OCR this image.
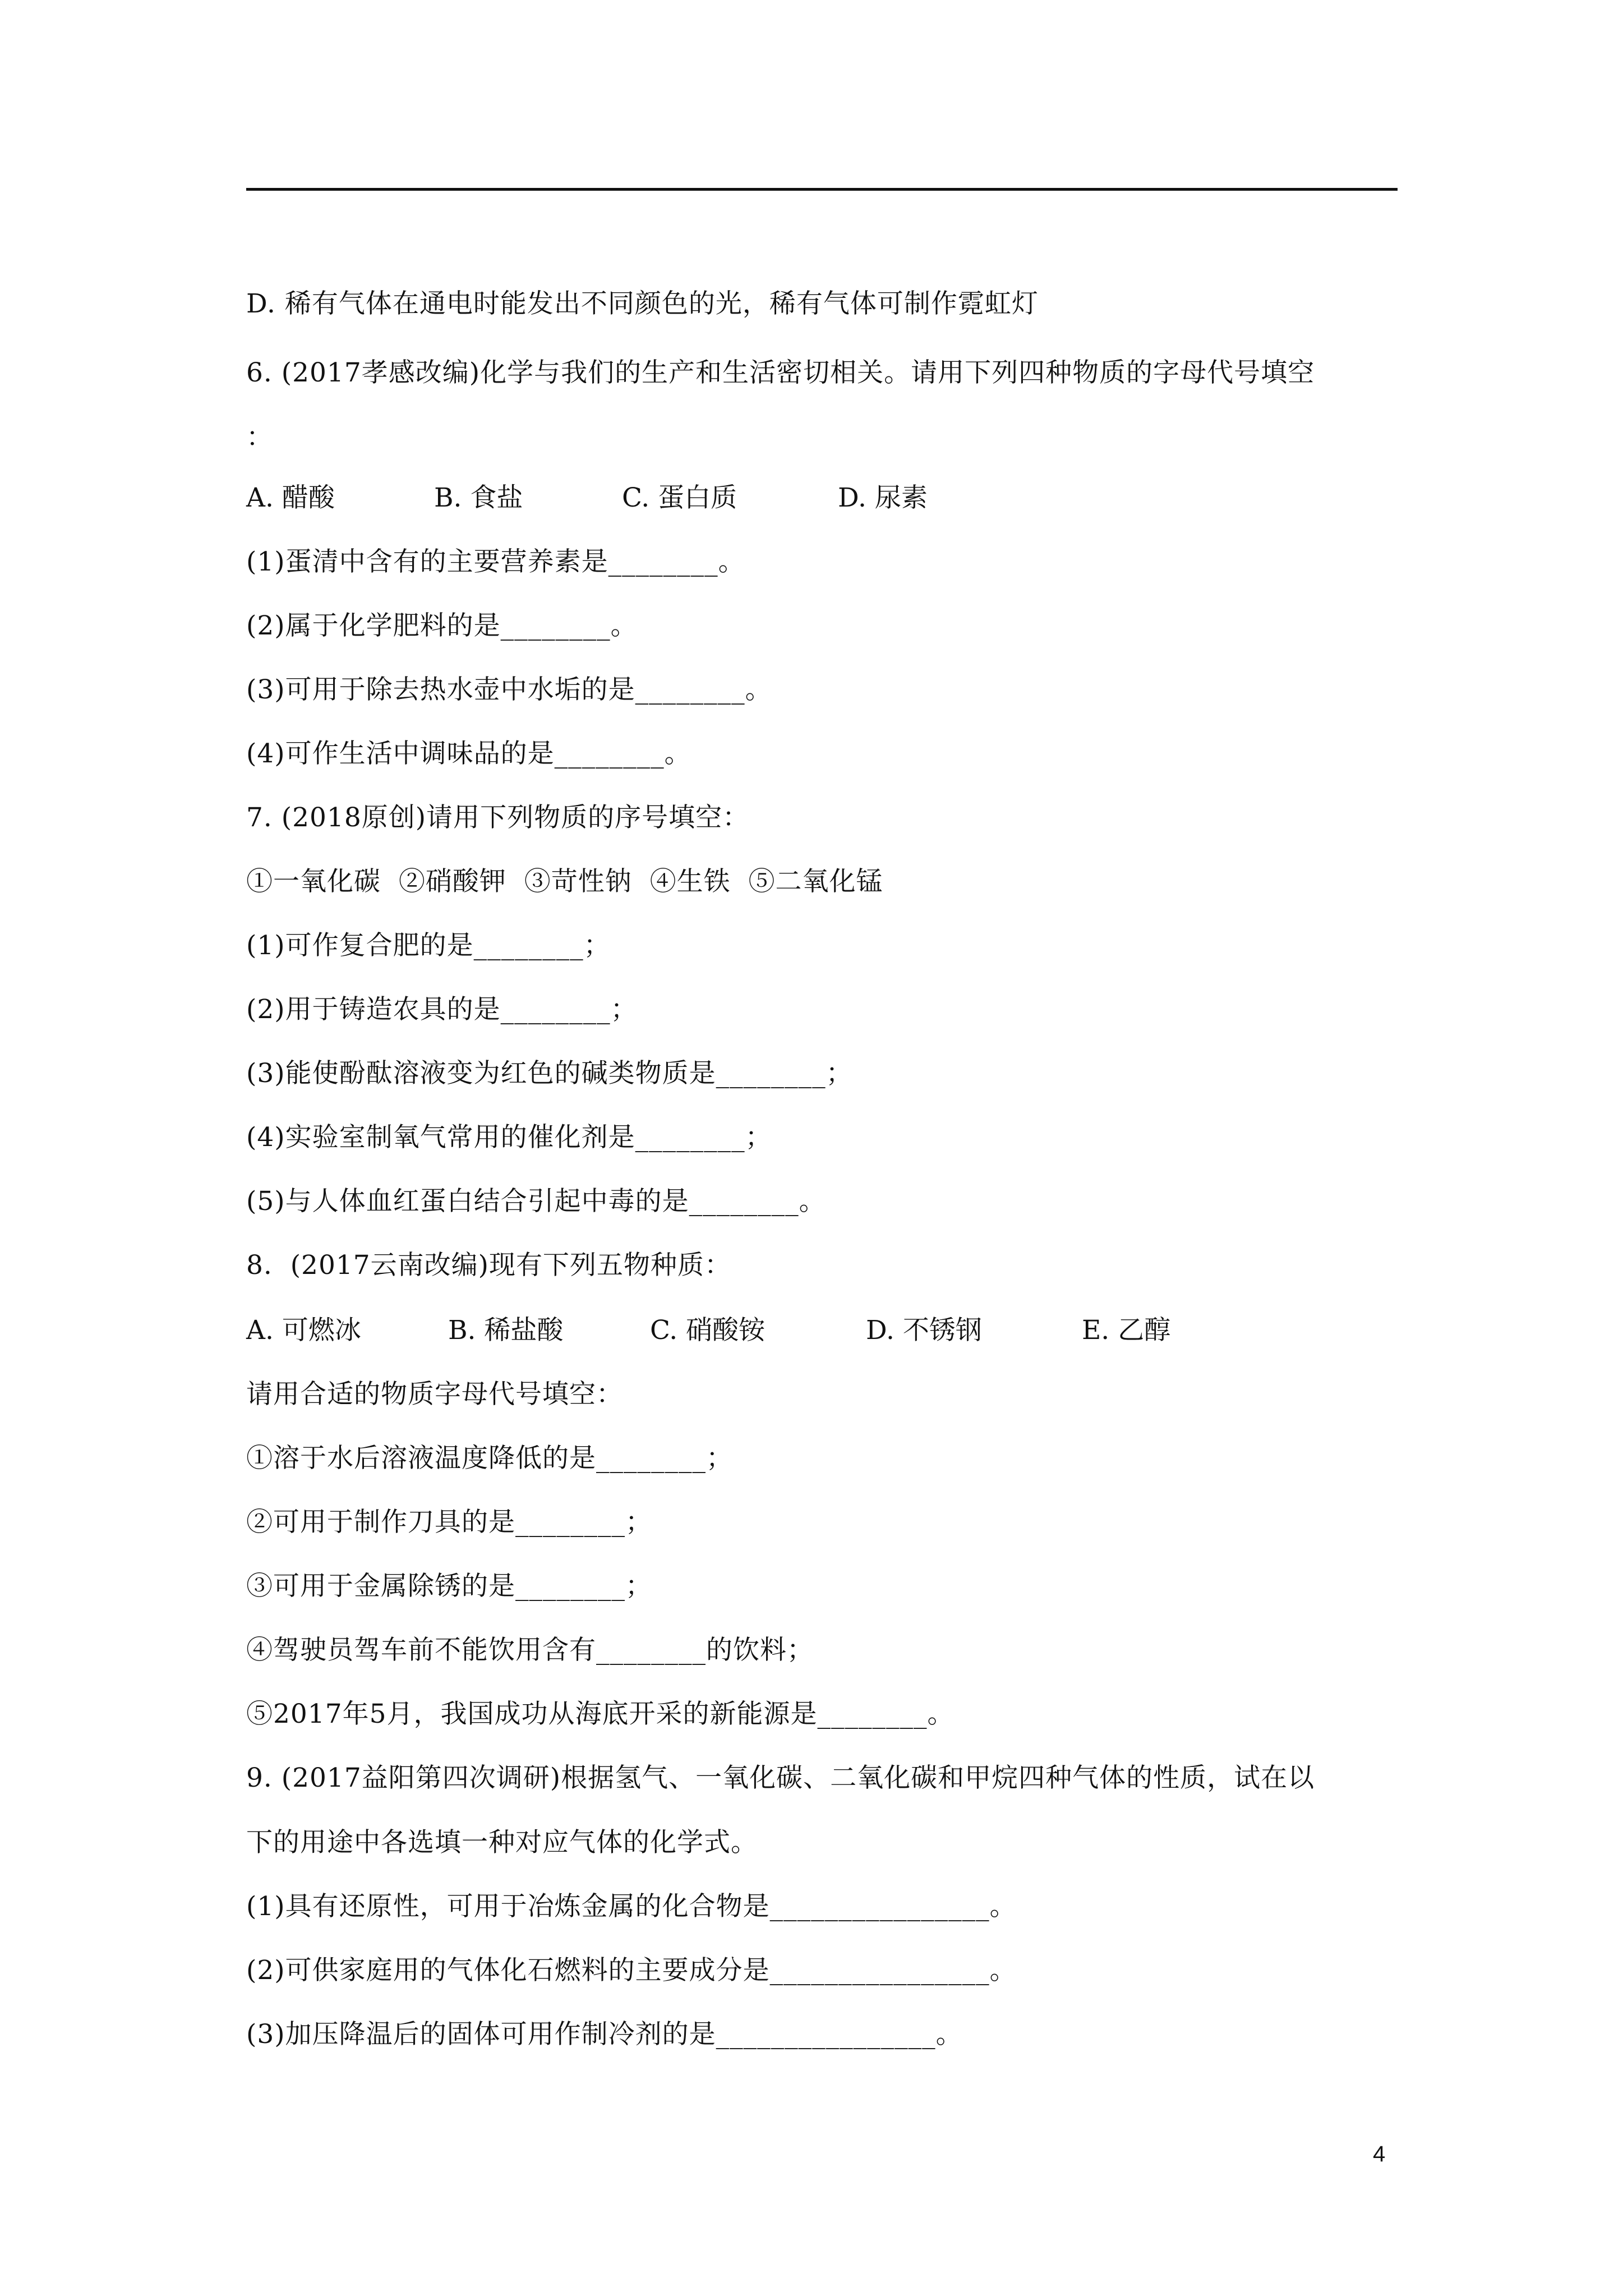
D. 稀有气体在通电时能发出不同颜色的光，稀有气体可制作霓虹灯
6. (2017孝感改编)化学与我们的生产和生活密切相关。请用下列四种物质的字母代号填空
：
A. 醋酸	B. 食盐	C. 蛋白质	D. 尿素
(1)蛋清中含有的主要营养素是________。
(2)属于化学肥料的是________。
(3)可用于除去热水壶中水垢的是________。
(4)可作生活中调味品的是________。
7. (2018原创)请用下列物质的序号填空：
①一氧化碳  ②硝酸钾  ③苛性钠  ④生铁  ⑤二氧化锰
(1)可作复合肥的是________；
(2)用于铸造农具的是________；
(3)能使酚酞溶液变为红色的碱类物质是________；
(4)实验室制氧气常用的催化剂是________；
(5)与人体血红蛋白结合引起中毒的是________。
8.  (2017云南改编)现有下列五物种质：
A. 可燃冰	B. 稀盐酸	C. 硝酸铵	D. 不锈钢	E. 乙醇
请用合适的物质字母代号填空：
①溶于水后溶液温度降低的是________；
②可用于制作刀具的是________；
③可用于金属除锈的是________；
④驾驶员驾车前不能饮用含有________的饮料；
⑤2017年5月，我国成功从海底开采的新能源是________。
9. (2017益阳第四次调研)根据氢气、一氧化碳、二氧化碳和甲烷四种气体的性质，试在以
下的用途中各选填一种对应气体的化学式。
(1)具有还原性，可用于冶炼金属的化合物是________________。
(2)可供家庭用的气体化石燃料的主要成分是________________。
(3)加压降温后的固体可用作制冷剂的是________________。
4
